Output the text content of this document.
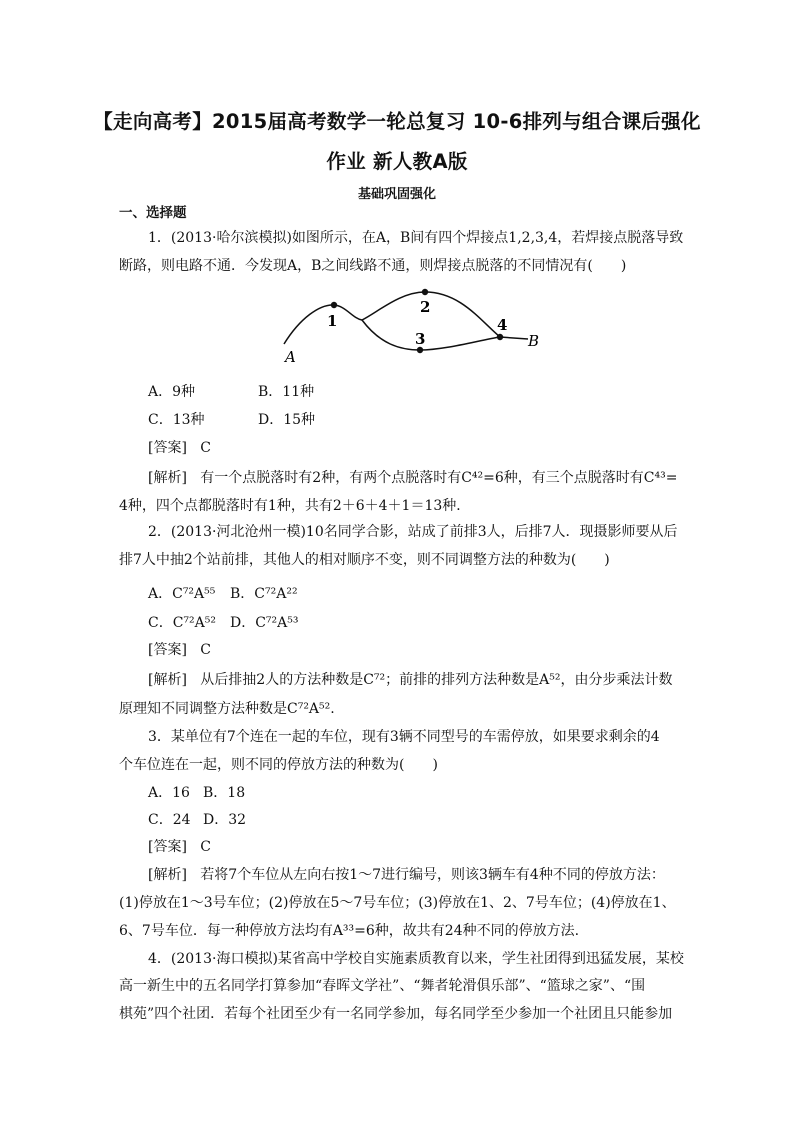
【走向高考】2015届高考数学一轮总复习 10-6排列与组合课后强化
作业 新人教A版
基础巩固强化
一、选择题
1．(2013·哈尔滨模拟)如图所示，在A，B间有四个焊接点1,2,3,4，若焊接点脱落导致
断路，则电路不通．今发现A，B之间线路不通，则焊接点脱落的不同情况有(　　)
A
B
1
2
3
4
A．9种	B．11种
C．13种	D．15种
[答案] C
[解析] 有一个点脱落时有2种，有两个点脱落时有C⁴²=6种，有三个点脱落时有C⁴³=
4种，四个点都脱落时有1种，共有2＋6＋4＋1＝13种．
2．(2013·河北沧州一模)10名同学合影，站成了前排3人，后排7人．现摄影师要从后
排7人中抽2个站前排，其他人的相对顺序不变，则不同调整方法的种数为(　　)
A．C⁷²A⁵⁵ B．C⁷²A²²
C．C⁷²A⁵² D．C⁷²A⁵³
[答案] C
[解析] 从后排抽2人的方法种数是C⁷²；前排的排列方法种数是A⁵²，由分步乘法计数
原理知不同调整方法种数是C⁷²A⁵².
3．某单位有7个连在一起的车位，现有3辆不同型号的车需停放，如果要求剩余的4
个车位连在一起，则不同的停放方法的种数为(　　)
A．16 B．18
C．24 D．32
[答案] C
[解析] 若将7个车位从左向右按1～7进行编号，则该3辆车有4种不同的停放方法：
(1)停放在1～3号车位；(2)停放在5～7号车位；(3)停放在1、2、7号车位；(4)停放在1、
6、7号车位．每一种停放方法均有A³³=6种，故共有24种不同的停放方法.
4．(2013·海口模拟)某省高中学校自实施素质教育以来，学生社团得到迅猛发展，某校
高一新生中的五名同学打算参加“春晖文学社”、“舞者轮滑俱乐部”、“篮球之家”、“围
棋苑”四个社团．若每个社团至少有一名同学参加，每名同学至少参加一个社团且只能参加
